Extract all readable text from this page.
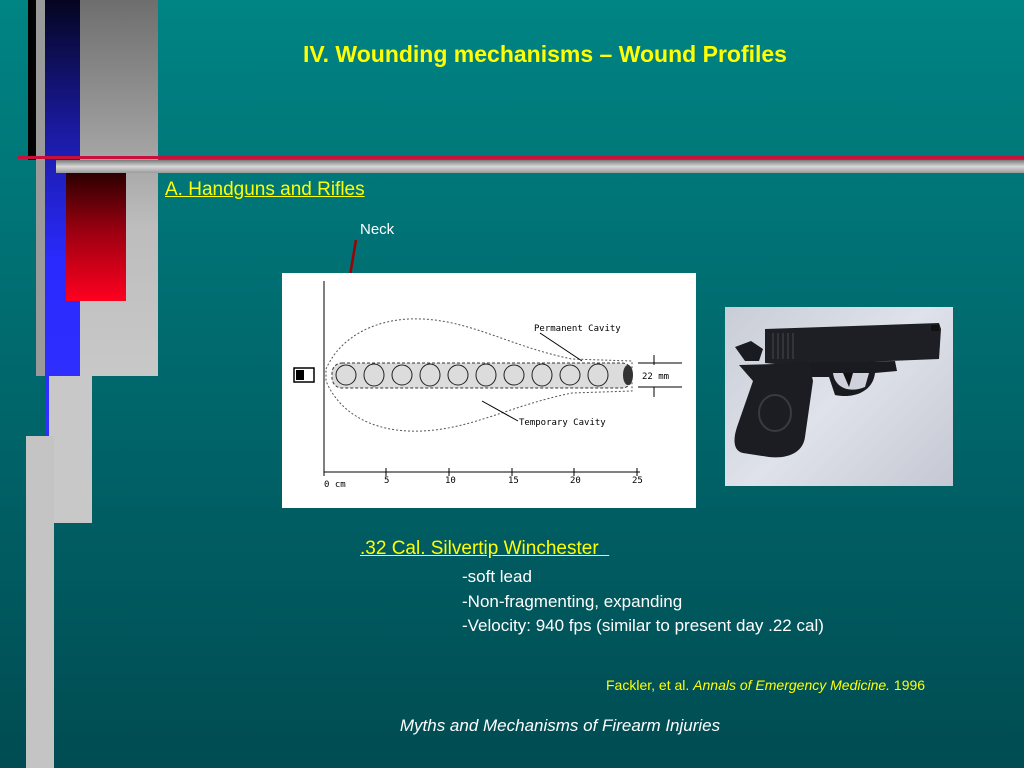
IV. Wounding mechanisms – Wound Profiles
A. Handguns and Rifles
Neck
Permanent Cavity
Temporary Cavity
22 mm
0 cm	5	10	15	20	25
.32 Cal. Silvertip Winchester
-soft lead
-Non-fragmenting, expanding
-Velocity: 940 fps (similar to present day .22 cal)
Fackler, et al. Annals of Emergency Medicine. 1996
Myths and Mechanisms of Firearm Injuries
